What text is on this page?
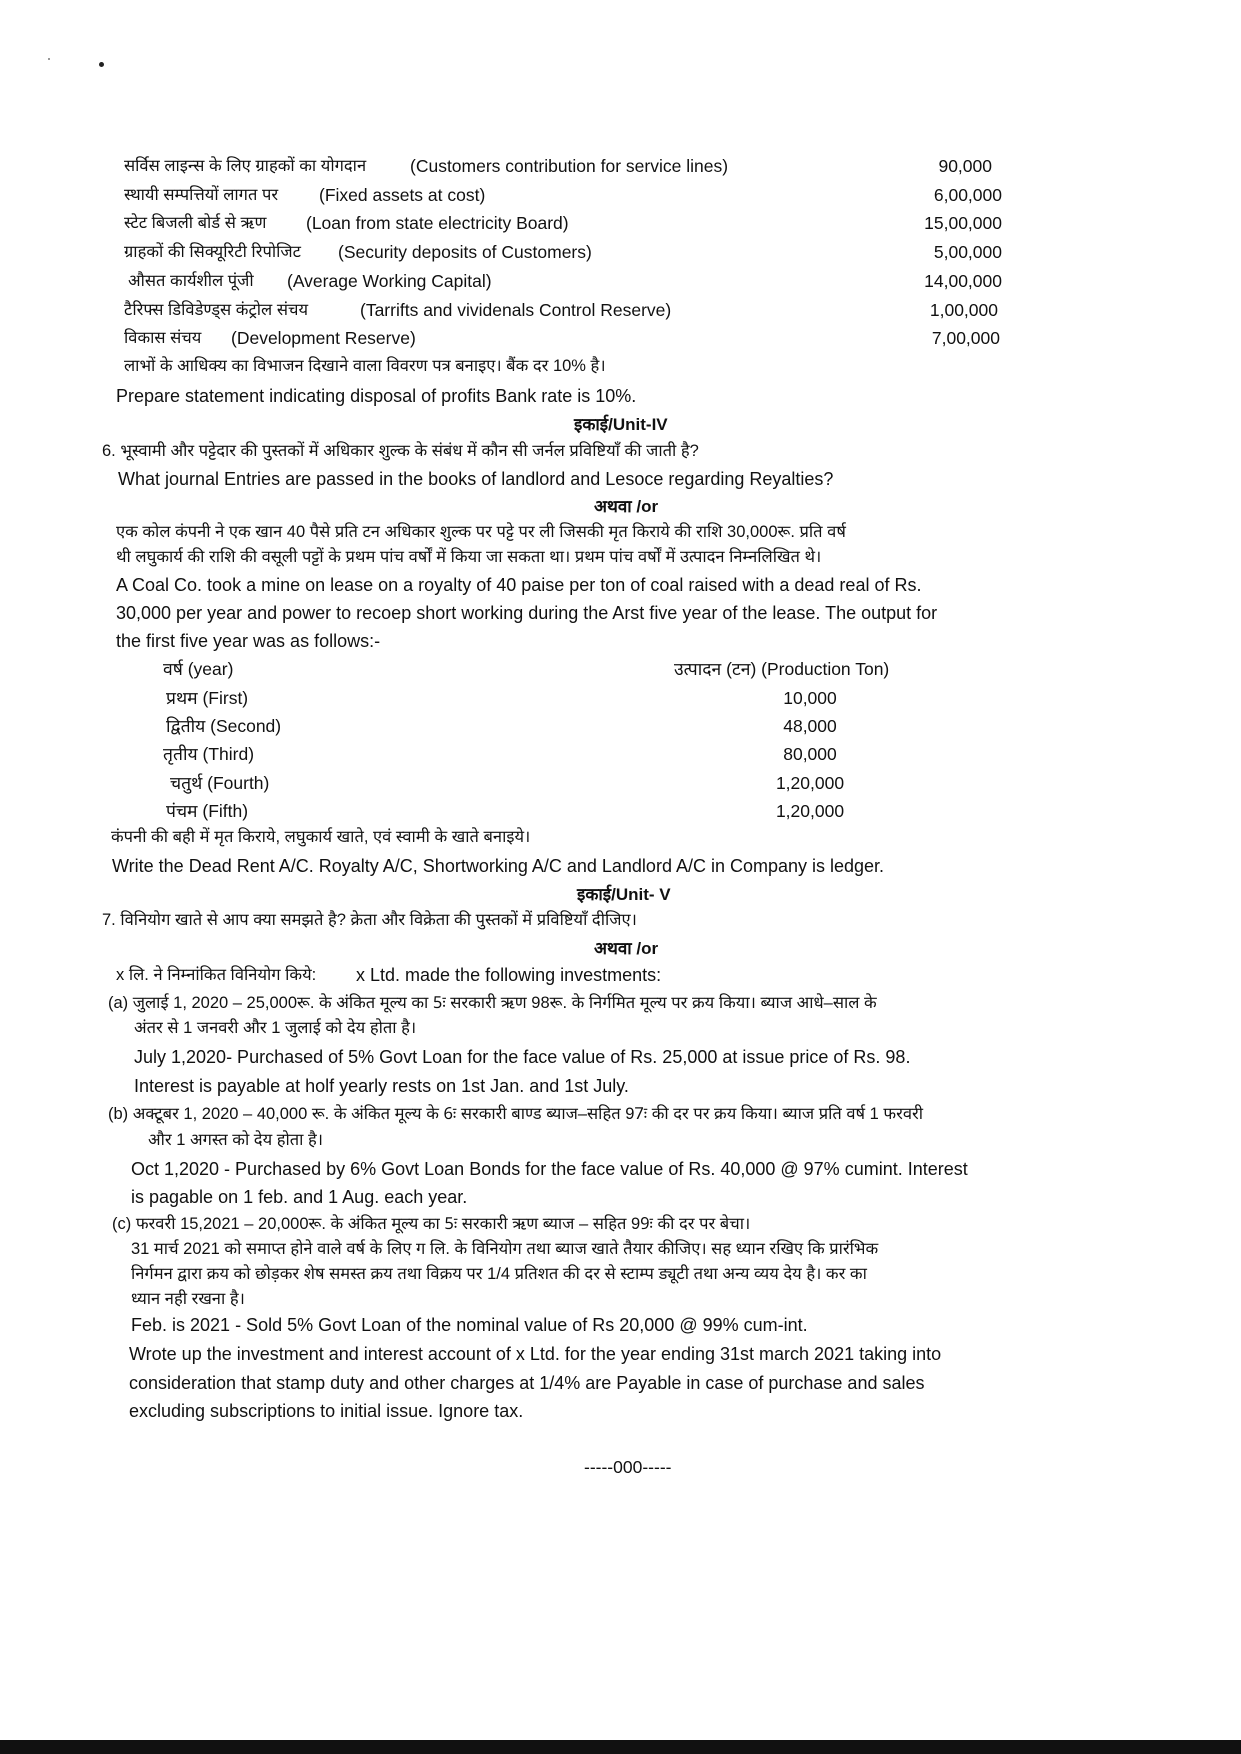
सर्विस लाइन्स के लिए ग्राहकों का योगदान	(Customers contribution for service lines)	90,000
स्थायी सम्पत्तियों लागत पर (Fixed assets at cost)	6,00,000
स्टेट बिजली बोर्ड से ऋण (Loan from state electricity Board)	15,00,000
ग्राहकों की सिक्यूरिटी रिपोजिट (Security deposits of Customers)	5,00,000
औसत कार्यशील पूंजी (Average Working Capital)	14,00,000
टैरिफ्स डिविडेण्ड्स कंट्रोल संचय	(Tarrifts and vividenals Control Reserve)	1,00,000
विकास संचय (Development Reserve)	7,00,000
लाभों के आधिक्य का विभाजन दिखाने वाला विवरण पत्र बनाइए। बैंक दर 10% है।
Prepare statement indicating disposal of profits Bank rate is 10%.
इकाई/Unit-IV
6. भूस्वामी और पट्टेदार की पुस्तकों में अधिकार शुल्क के संबंध में कौन सी जर्नल प्रविष्टियाँ की जाती है?
What journal Entries are passed in the books of landlord and Lesoce regarding Reyalties?
अथवा /or
एक कोल कंपनी ने एक खान 40 पैसे प्रति टन अधिकार शुल्क पर पट्टे पर ली जिसकी मृत किराये की राशि 30,000रू. प्रति वर्ष
थी लघुकार्य की राशि की वसूली पट्टों के प्रथम पांच वर्षों में किया जा सकता था। प्रथम पांच वर्षों में उत्पादन निम्नलिखित थे।
A Coal Co. took a mine on lease on a royalty of 40 paise per ton of coal raised with a dead real of Rs.
30,000 per year and power to recoep short working during the Arst five year of the lease. The output for
the first five year was as follows:-
वर्ष (year)	उत्पादन (टन) (Production Ton)
प्रथम (First)	10,000
द्वितीय (Second)	48,000
तृतीय (Third)	80,000
चतुर्थ (Fourth)	1,20,000
पंचम (Fifth)	1,20,000
कंपनी की बही में मृत किराये, लघुकार्य खाते, एवं स्वामी के खाते बनाइये।
Write the Dead Rent A/C. Royalty A/C, Shortworking A/C and Landlord A/C in Company is ledger.
इकाई/Unit- V
7. विनियोग खाते से आप क्या समझते है? क्रेता और विक्रेता की पुस्तकों में प्रविष्टियाँ दीजिए।
अथवा /or
x लि. ने निम्नांकित विनियोग किये: x Ltd. made the following investments:
(a) जुलाई 1, 2020 – 25,000रू. के अंकित मूल्य का 5ः सरकारी ऋण 98रू. के निर्गमित मूल्य पर क्रय किया। ब्याज आधे–साल के
अंतर से 1 जनवरी और 1 जुलाई को देय होता है।
July 1,2020- Purchased of 5% Govt Loan for the face value of Rs. 25,000 at issue price of Rs. 98.
Interest is payable at holf yearly rests on 1st Jan. and 1st July.
(b) अक्टूबर 1, 2020 – 40,000 रू. के अंकित मूल्य के 6ः सरकारी बाण्ड ब्याज–सहित 97ः की दर पर क्रय किया। ब्याज प्रति वर्ष 1 फरवरी
और 1 अगस्त को देय होता है।
Oct 1,2020 - Purchased by 6% Govt Loan Bonds for the face value of Rs. 40,000 @ 97% cumint. Interest
is pagable on 1 feb. and 1 Aug. each year.
(c) फरवरी 15,2021 – 20,000रू. के अंकित मूल्य का 5ः सरकारी ऋण ब्याज – सहित 99ः की दर पर बेचा।
31 मार्च 2021 को समाप्त होने वाले वर्ष के लिए ग लि. के विनियोग तथा ब्याज खाते तैयार कीजिए। सह ध्यान रखिए कि प्रारंभिक
निर्गमन द्वारा क्रय को छोड़कर शेष समस्त क्रय तथा विक्रय पर 1/4 प्रतिशत की दर से स्टाम्प ड्यूटी तथा अन्य व्यय देय है। कर का
ध्यान नही रखना है।
Feb. is 2021 - Sold 5% Govt Loan of the nominal value of Rs 20,000 @ 99% cum-int.
Wrote up the investment and interest account of x Ltd. for the year ending 31st march 2021 taking into
consideration that stamp duty and other charges at 1/4% are Payable in case of purchase and sales
excluding subscriptions to initial issue. Ignore tax.
-----000-----
